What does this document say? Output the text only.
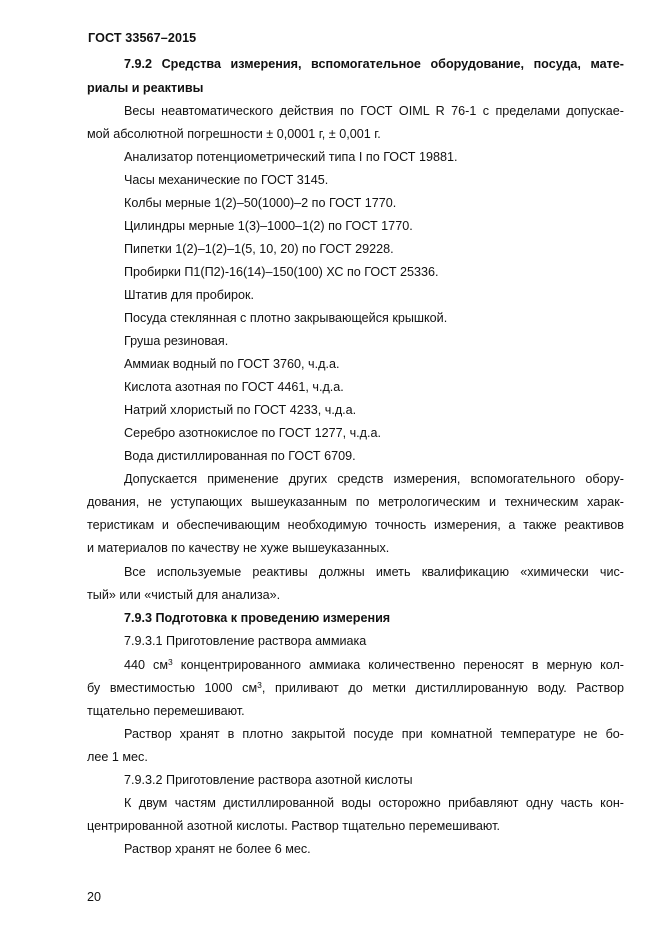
ГОСТ 33567–2015
7.9.2 Средства измерения, вспомогательное оборудование, посуда, мате-
риалы и реактивы
Весы неавтоматического действия по ГОСТ OIML R 76-1 с пределами допускае-
мой абсолютной погрешности ± 0,0001 г, ± 0,001 г.
Анализатор потенциометрический типа I по ГОСТ 19881.
Часы механические по ГОСТ 3145.
Колбы мерные 1(2)–50(1000)–2 по ГОСТ 1770.
Цилиндры мерные 1(3)–1000–1(2) по ГОСТ 1770.
Пипетки 1(2)–1(2)–1(5, 10, 20) по ГОСТ 29228.
Пробирки П1(П2)-16(14)–150(100) ХС по ГОСТ 25336.
Штатив для пробирок.
Посуда стеклянная с плотно закрывающейся крышкой.
Груша резиновая.
Аммиак водный по ГОСТ 3760, ч.д.а.
Кислота азотная по ГОСТ 4461, ч.д.а.
Натрий хлористый по ГОСТ 4233, ч.д.а.
Серебро азотнокислое по ГОСТ 1277, ч.д.а.
Вода дистиллированная по ГОСТ 6709.
Допускается применение других средств измерения, вспомогательного обору-
дования, не уступающих вышеуказанным по метрологическим и техническим харак-
теристикам и обеспечивающим необходимую точность измерения, а также реактивов
и материалов по качеству не хуже вышеуказанных.
Все используемые реактивы должны иметь квалификацию «химически чис-
тый» или «чистый для анализа».
7.9.3 Подготовка к проведению измерения
7.9.3.1 Приготовление раствора аммиака
440 $см^3$ концентрированного аммиака количественно переносят в мерную кол-
бу вместимостью 1000 $см^3$, приливают до метки дистиллированную воду. Раствор
тщательно перемешивают.
Раствор хранят в плотно закрытой посуде при комнатной температуре не бо-
лее 1 мес.
7.9.3.2 Приготовление раствора азотной кислоты
К двум частям дистиллированной воды осторожно прибавляют одну часть кон-
центрированной азотной кислоты. Раствор тщательно перемешивают.
Раствор хранят не более 6 мес.
20
